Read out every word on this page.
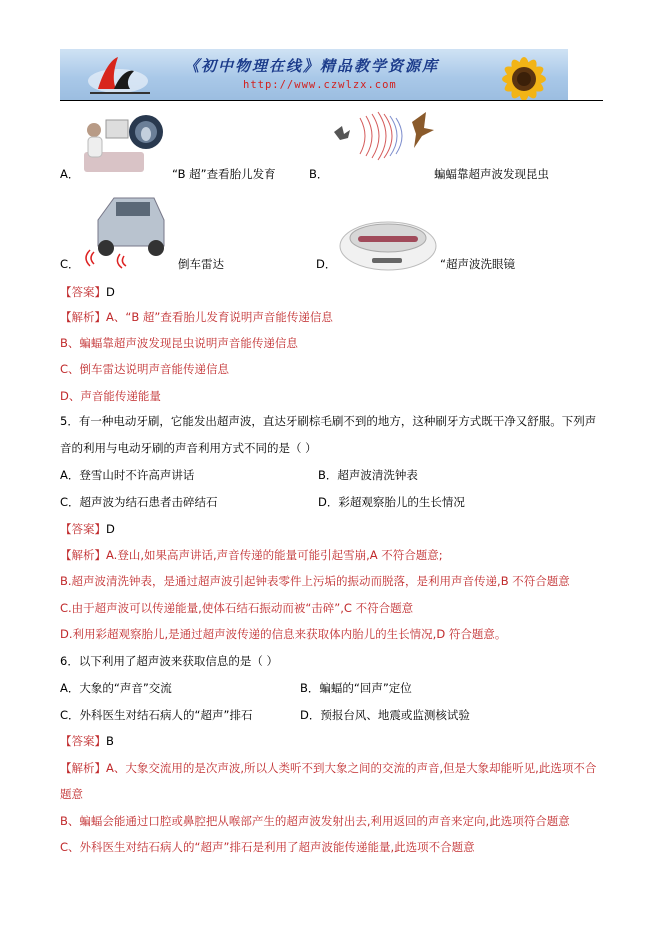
《初中物理在线》精品教学资源库
http://www.czwlzx.com
A．	“B 超”查看胎儿发育	B．	蝙蝠靠超声波发现昆虫
C．	倒车雷达	D．	“超声波洗眼镜
【答案】D
【解析】A、“B 超”查看胎儿发育说明声音能传递信息
B、蝙蝠靠超声波发现昆虫说明声音能传递信息
C、倒车雷达说明声音能传递信息
D、声音能传递能量
5．有一种电动牙刷，它能发出超声波，直达牙刷棕毛刷不到的地方，这种刷牙方式既干净又舒服。下列声
音的利用与电动牙刷的声音利用方式不同的是（ ）
A．登雪山时不许高声讲话	B．超声波清洗钟表
C．超声波为结石患者击碎结石	D．彩超观察胎儿的生长情况
【答案】D
【解析】A.登山,如果高声讲话,声音传递的能量可能引起雪崩,A 不符合题意;
B.超声波清洗钟表，是通过超声波引起钟表零件上污垢的振动而脱落，是利用声音传递,B 不符合题意
C.由于超声波可以传递能量,使体石结石振动而被“击碎”,C 不符合题意
D.利用彩超观察胎儿,是通过超声波传递的信息来获取体内胎儿的生长情况,D 符合题意。
6．以下利用了超声波来获取信息的是（ ）
A．大象的“声音”交流	B．蝙蝠的“回声”定位
C．外科医生对结石病人的“超声”排石	D．预报台风、地震或监测核试验
【答案】B
【解析】A、大象交流用的是次声波,所以人类听不到大象之间的交流的声音,但是大象却能听见,此选项不合
题意
B、蝙蝠会能通过口腔或鼻腔把从喉部产生的超声波发射出去,利用返回的声音来定向,此选项符合题意
C、外科医生对结石病人的“超声”排石是利用了超声波能传递能量,此选项不合题意
